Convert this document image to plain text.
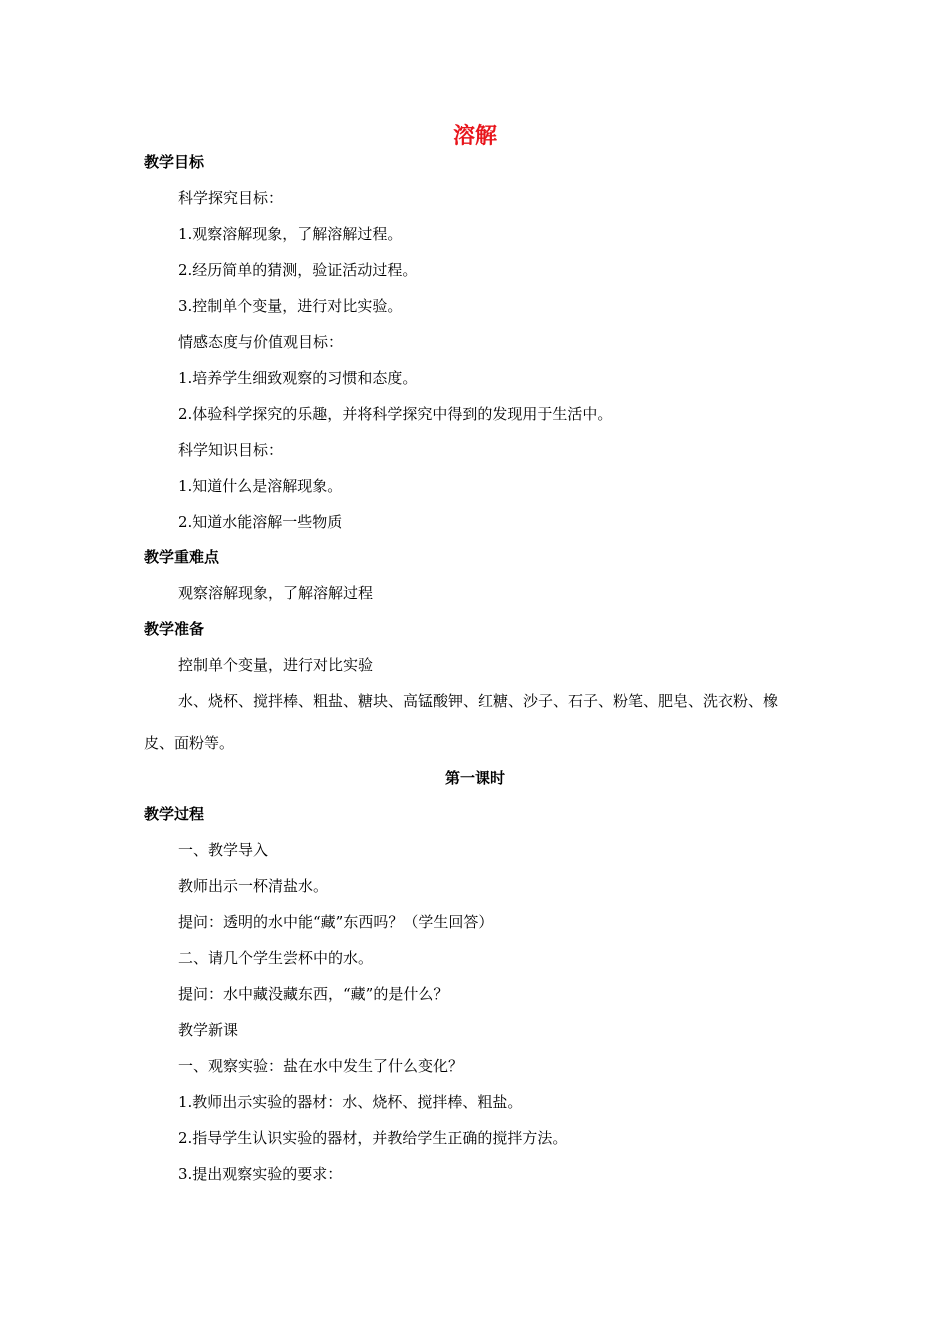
溶解
教学目标
科学探究目标：
1.观察溶解现象，了解溶解过程。
2.经历简单的猜测，验证活动过程。
3.控制单个变量，进行对比实验。
情感态度与价值观目标：
1.培养学生细致观察的习惯和态度。
2.体验科学探究的乐趣，并将科学探究中得到的发现用于生活中。
科学知识目标：
1.知道什么是溶解现象。
2.知道水能溶解一些物质
教学重难点
观察溶解现象，了解溶解过程
教学准备
控制单个变量，进行对比实验
水、烧杯、搅拌棒、粗盐、糖块、高锰酸钾、红糖、沙子、石子、粉笔、肥皂、洗衣粉、橡皮、面粉等。
第一课时
教学过程
一、教学导入
教师出示一杯清盐水。
提问：透明的水中能“藏”东西吗？（学生回答）
二、请几个学生尝杯中的水。
提问：水中藏没藏东西，“藏”的是什么？
教学新课
一、观察实验：盐在水中发生了什么变化？
1.教师出示实验的器材：水、烧杯、搅拌棒、粗盐。
2.指导学生认识实验的器材，并教给学生正确的搅拌方法。
3.提出观察实验的要求：
